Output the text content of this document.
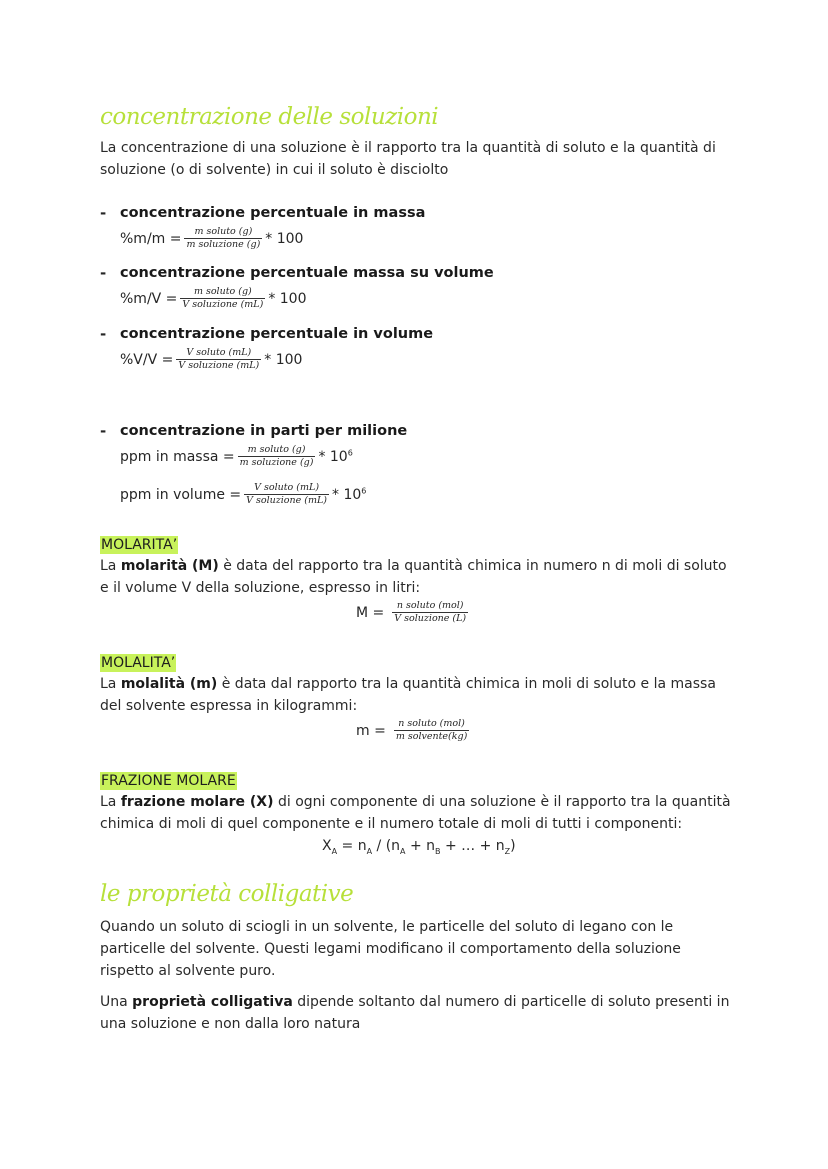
concentrazione delle soluzioni
La concentrazione di una soluzione è il rapporto tra la quantità di soluto e la quantità di
soluzione (o di solvente) in cui il soluto è disciolto
- concentrazione percentuale in massa
$\%m/m = \frac{\text{m soluto (g)}}{\text{m soluzione (g)}} * 100$
- concentrazione percentuale massa su volume
$\%m/V = \frac{\text{m soluto (g)}}{\text{V soluzione (mL)}} * 100$
- concentrazione percentuale in volume
$\%V/V = \frac{\text{V soluto (mL)}}{\text{V soluzione (mL)}} * 100$
- concentrazione in parti per milione
ppm in massa = $\frac{\text{m soluto (g)}}{\text{m soluzione (g)}} * 10^6$
ppm in volume = $\frac{\text{V soluto (mL)}}{\text{V soluzione (mL)}} * 10^6$
MOLARITA’
La molarità (M) è data del rapporto tra la quantità chimica in numero n di moli di soluto
e il volume V della soluzione, espresso in litri:
$M = \frac{\text{n soluto (mol)}}{\text{V soluzione (L)}}$
MOLALITA’
La molalità (m) è data dal rapporto tra la quantità chimica in moli di soluto e la massa
del solvente espressa in kilogrammi:
$m = \frac{\text{n soluto (mol)}}{\text{m solvente(kg)}}$
FRAZIONE MOLARE
La frazione molare (X) di ogni componente di una soluzione è il rapporto tra la quantità
chimica di moli di quel componente e il numero totale di moli di tutti i componenti:
$X_A = n_A / (n_A + n_B$ + … + $n_Z$)
le proprietà colligative
Quando un soluto di sciogli in un solvente, le particelle del soluto di legano con le
particelle del solvente. Questi legami modificano il comportamento della soluzione
rispetto al solvente puro.
Una proprietà colligativa dipende soltanto dal numero di particelle di soluto presenti in
una soluzione e non dalla loro natura
